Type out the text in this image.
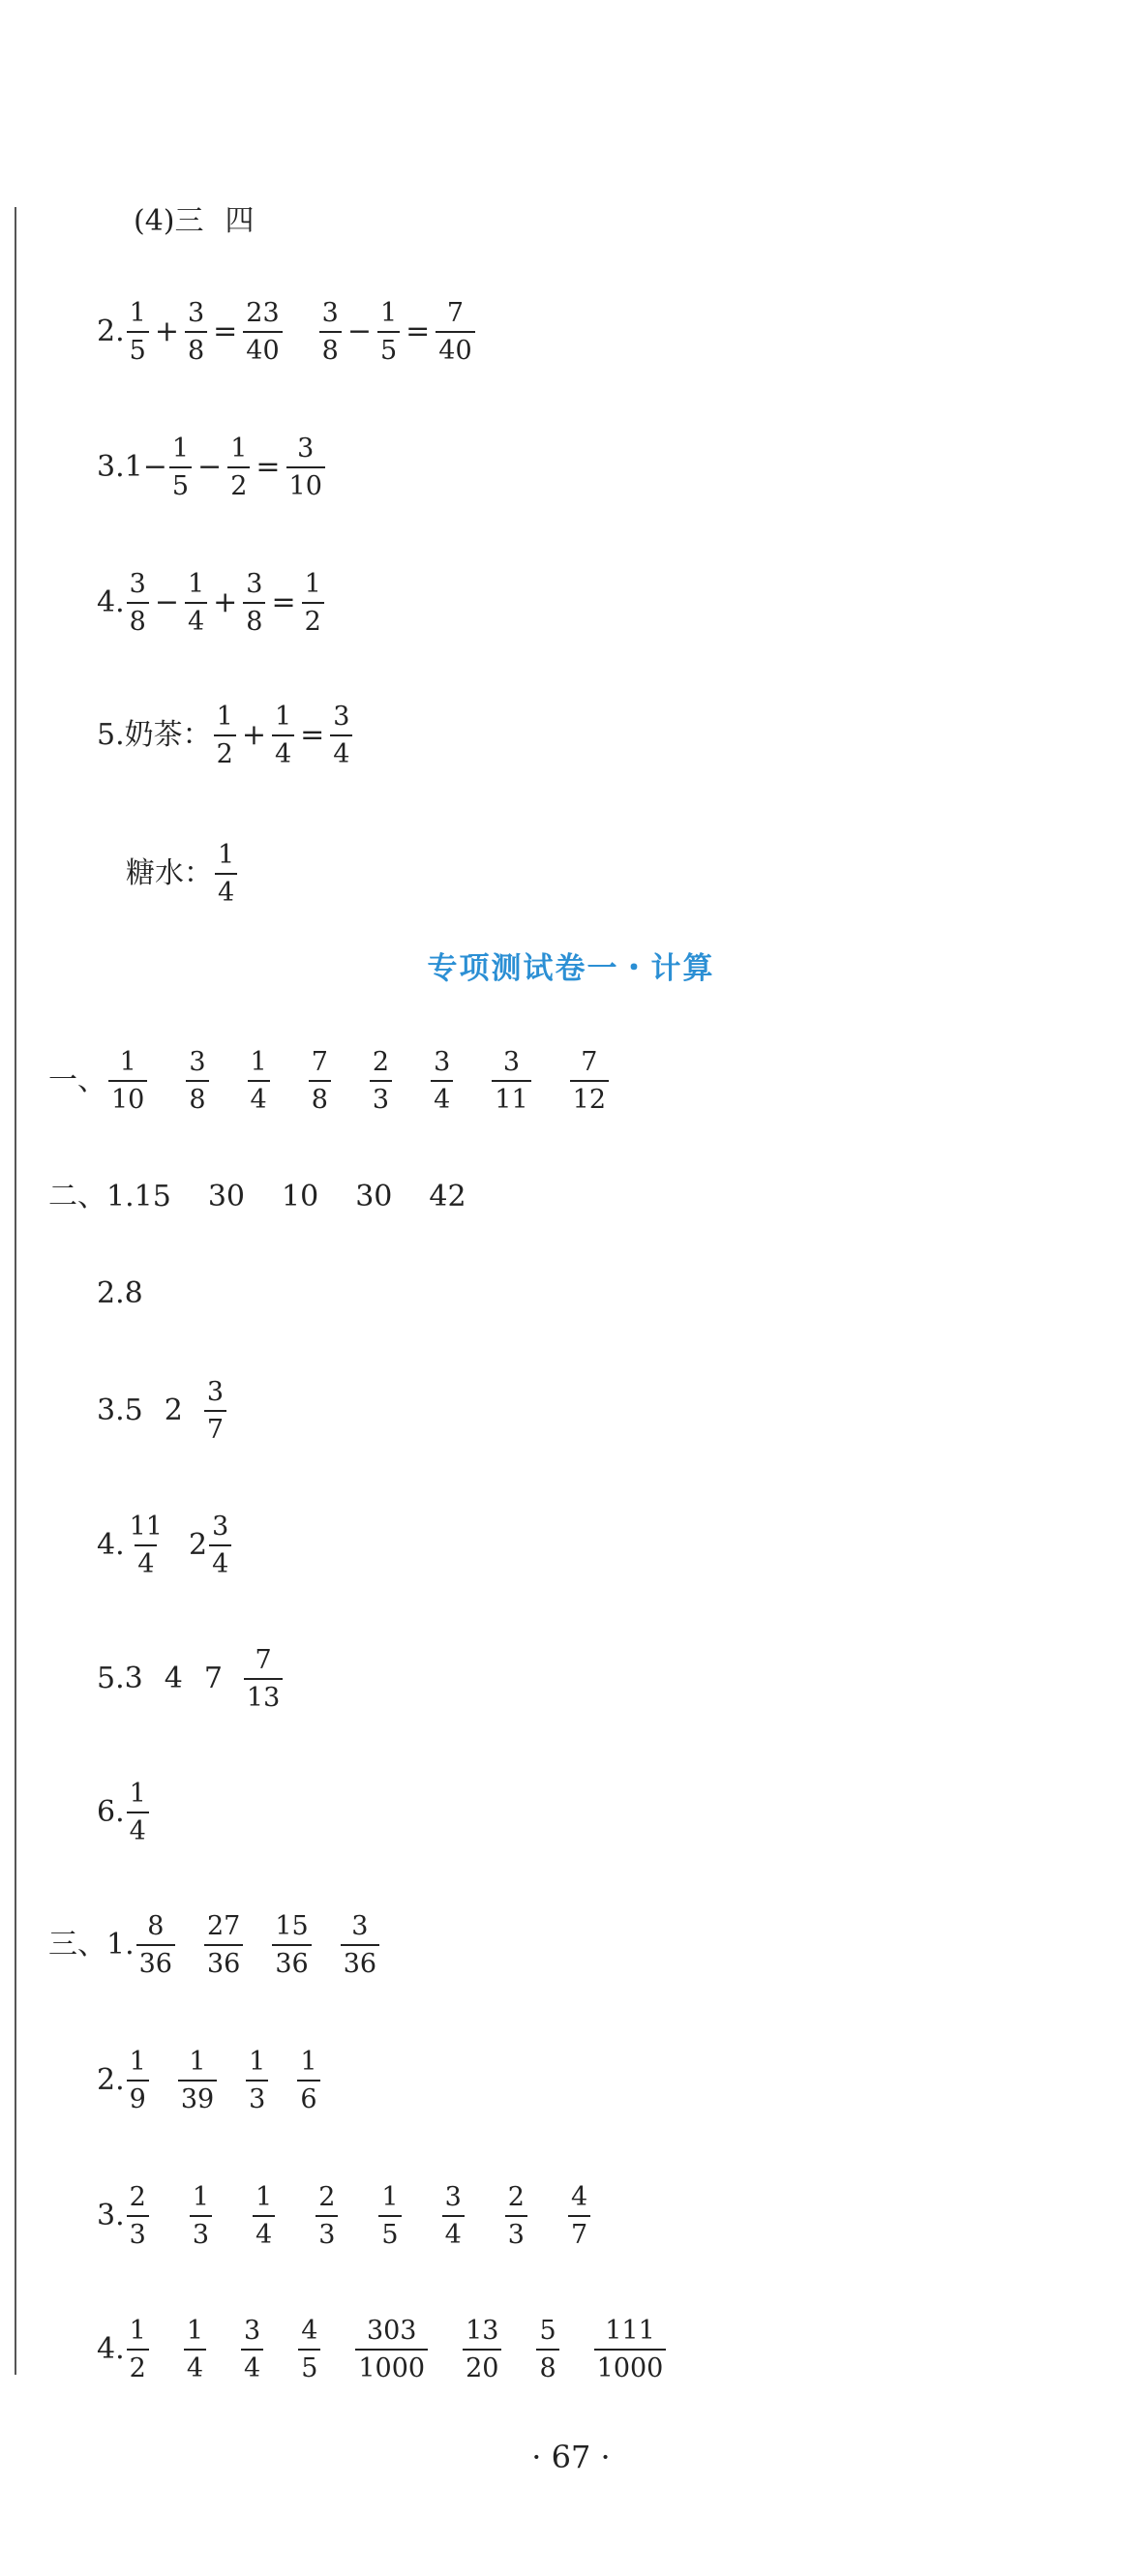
(4)三 四
2. $\frac{1}{5} + \frac{3}{8} = \frac{23}{40} \frac{3}{8} - \frac{1}{5} = \frac{7}{40}$
3. $1- \frac{1}{5} - \frac{1}{2} = \frac{3}{10}$
4. $\frac{3}{8} - \frac{1}{4} + \frac{3}{8} = \frac{1}{2}$
5. 奶茶： $\frac{1}{2} + \frac{1}{4} = \frac{3}{4}$
糖水： $\frac{1}{4}$
专项测试卷一・计算
一、 $\frac{1}{10} \frac{3}{8} \frac{1}{4} \frac{7}{8} \frac{2}{3} \frac{3}{4} \frac{3}{11} \frac{7}{12}$
二、 1. 15 30 10 30 42
2. 8
3. 5 $2 \frac{3}{7}$
4. $\frac{11}{4} 2 \frac{3}{4}$
5. 3 4 $7 \frac{7}{13}$
6. $\frac{1}{4}$
三、 1. $\frac{8}{36} \frac{27}{36} \frac{15}{36} \frac{3}{36}$
2. $\frac{1}{9} \frac{1}{39} \frac{1}{3} \frac{1}{6}$
3. $\frac{2}{3} \frac{1}{3} \frac{1}{4} \frac{2}{3} \frac{1}{5} \frac{3}{4} \frac{2}{3} \frac{4}{7}$
4. $\frac{1}{2} \frac{1}{4} \frac{3}{4} \frac{4}{5} \frac{303}{1000} \frac{13}{20} \frac{5}{8} \frac{111}{1000}$
· 67 ·
